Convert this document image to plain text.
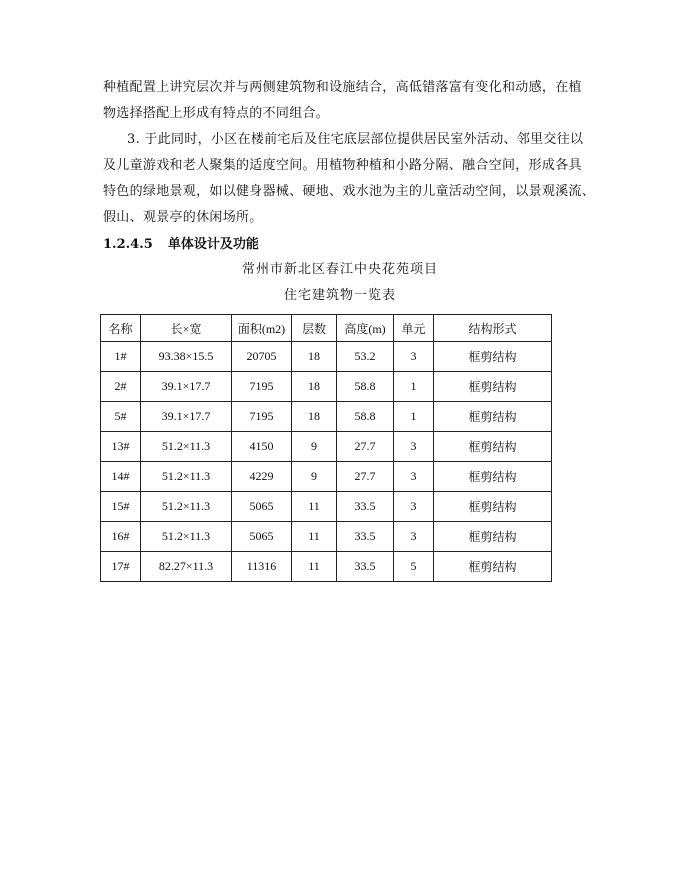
种植配置上讲究层次并与两侧建筑物和设施结合，高低错落富有变化和动感，在植
物选择搭配上形成有特点的不同组合。
3. 于此同时，小区在楼前宅后及住宅底层部位提供居民室外活动、邻里交往以
及儿童游戏和老人聚集的适度空间。用植物种植和小路分隔、融合空间，形成各具
特色的绿地景观，如以健身器械、硬地、戏水池为主的儿童活动空间，以景观溪流、
假山、观景亭的休闲场所。
1.2.4.5 单体设计及功能
常州市新北区春江中央花苑项目
住宅建筑物一览表
名称	长×宽	面积(m2)	层数	高度(m)	单元	结构形式
1#	93.38×15.5	20705	18	53.2	3	框剪结构
2#	39.1×17.7	7195	18	58.8	1	框剪结构
5#	39.1×17.7	7195	18	58.8	1	框剪结构
13#	51.2×11.3	4150	9	27.7	3	框剪结构
14#	51.2×11.3	4229	9	27.7	3	框剪结构
15#	51.2×11.3	5065	11	33.5	3	框剪结构
16#	51.2×11.3	5065	11	33.5	3	框剪结构
17#	82.27×11.3	11316	11	33.5	5	框剪结构
